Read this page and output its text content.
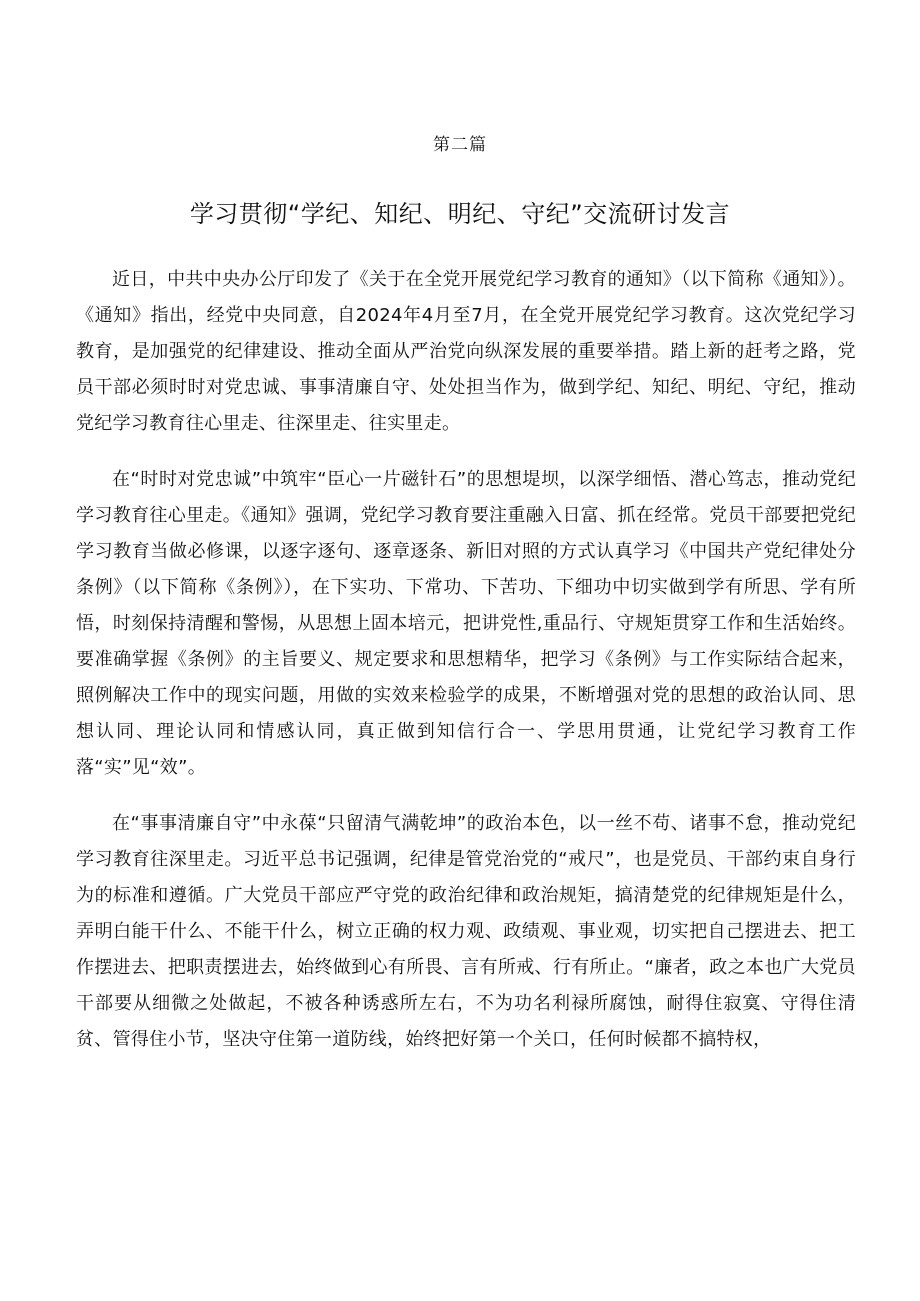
第二篇
学习贯彻“学纪、知纪、明纪、守纪”交流研讨发言

近日，中共中央办公厅印发了《关于在全党开展党纪学习教育的通知》（以下简称《通知》）。《通知》指出，经党中央同意，自2024年4月至7月，在全党开展党纪学习教育。这次党纪学习教育，是加强党的纪律建设、推动全面从严治党向纵深发展的重要举措。踏上新的赶考之路，党员干部必须时时对党忠诚、事事清廉自守、处处担当作为，做到学纪、知纪、明纪、守纪，推动党纪学习教育往心里走、往深里走、往实里走。

在“时时对党忠诚”中筑牢“臣心一片磁针石”的思想堤坝，以深学细悟、潜心笃志，推动党纪学习教育往心里走。《通知》强调，党纪学习教育要注重融入日富、抓在经常。党员干部要把党纪学习教育当做必修课，以逐字逐句、逐章逐条、新旧对照的方式认真学习《中国共产党纪律处分条例》（以下简称《条例》），在下实功、下常功、下苦功、下细功中切实做到学有所思、学有所悟，时刻保持清醒和警惕，从思想上固本培元，把讲党性,重品行、守规矩贯穿工作和生活始终。要准确掌握《条例》的主旨要义、规定要求和思想精华，把学习《条例》与工作实际结合起来，照例解决工作中的现实问题，用做的实效来检验学的成果，不断增强对党的思想的政治认同、思想认同、理论认同和情感认同，真正做到知信行合一、学思用贯通，让党纪学习教育工作落“实”见“效”。

在“事事清廉自守”中永葆“只留清气满乾坤”的政治本色，以一丝不苟、诸事不怠，推动党纪学习教育往深里走。习近平总书记强调，纪律是管党治党的“戒尺”，也是党员、干部约束自身行为的标准和遵循。广大党员干部应严守党的政治纪律和政治规矩，搞清楚党的纪律规矩是什么，弄明白能干什么、不能干什么，树立正确的权力观、政绩观、事业观，切实把自己摆进去、把工作摆进去、把职责摆进去，始终做到心有所畏、言有所戒、行有所止。“廉者，政之本也广大党员干部要从细微之处做起，不被各种诱惑所左右，不为功名利禄所腐蚀，耐得住寂寞、守得住清贫、管得住小节，坚决守住第一道防线，始终把好第一个关口，任何时候都不搞特权，
